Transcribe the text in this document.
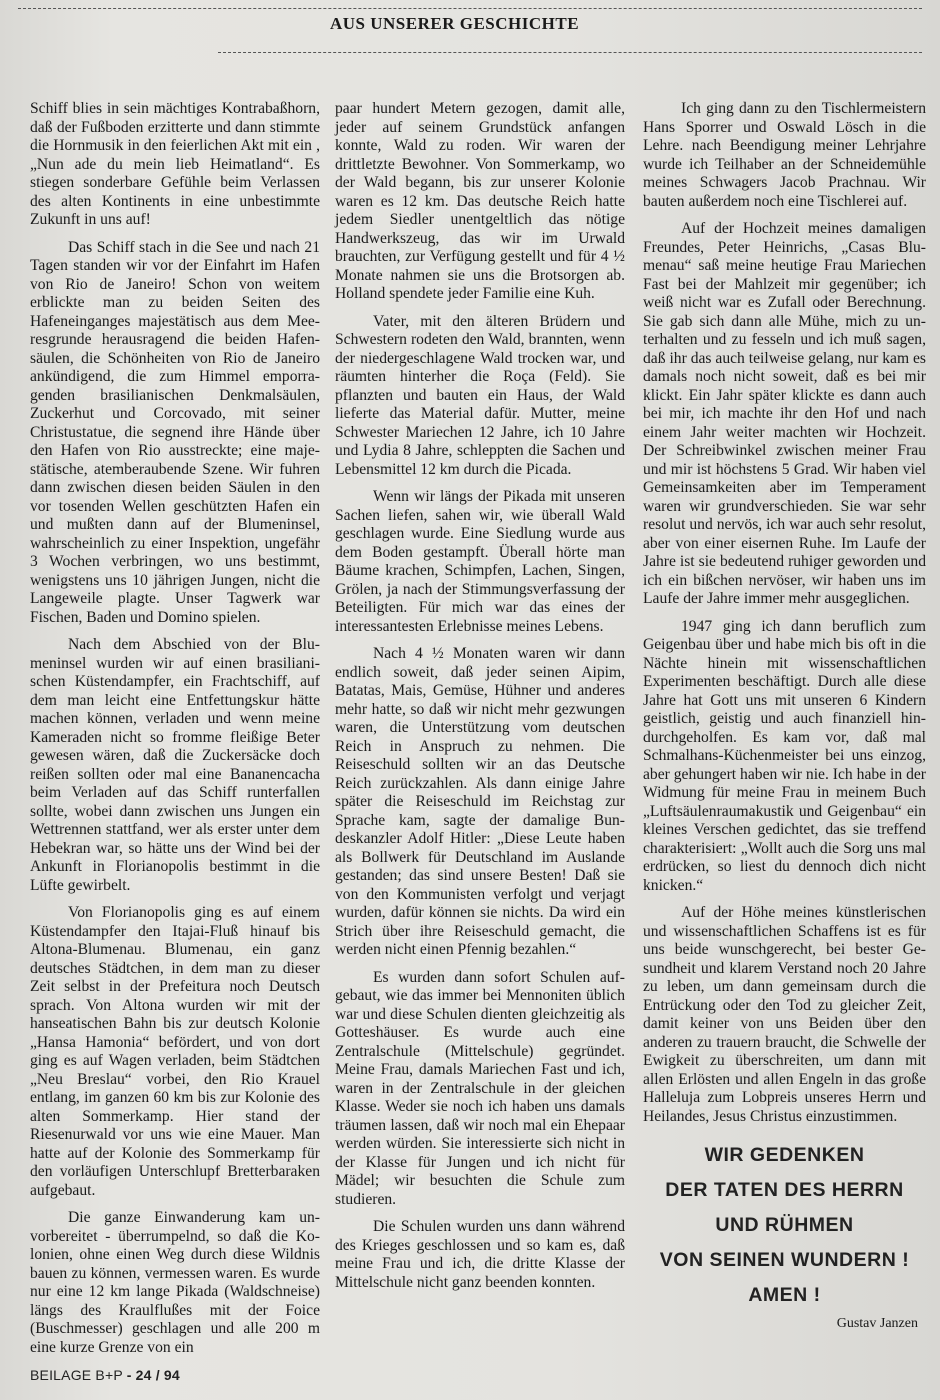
AUS UNSERER GESCHICHTE

Schiff blies in sein mächtiges Kontrabaßhorn, daß der Fußboden erzitterte und dann stimmte die Hornmusik in den feierlichen Akt mit ein , „Nun ade du mein lieb Heimatland“. Es stiegen sonderbare Gefühle beim Verlassen des alten Kontinents in eine unbestimmte Zukunft in uns auf!

Das Schiff stach in die See und nach 21 Tagen standen wir vor der Einfahrt im Hafen von Rio de Janeiro! Schon von weitem erblickte man zu beiden Seiten des Hafeneinganges majestätisch aus dem Meeresgrunde herausragend die beiden Hafensäulen, die Schönheiten von Rio de Janeiro ankündigend, die zum Himmel emporragenden brasilianischen Denkmalsäulen, Zuckerhut und Corcovado, mit seiner Christustatue, die segnend ihre Hände über den Hafen von Rio ausstreckte; eine majestätische, atemberaubende Szene. Wir fuhren dann zwischen diesen beiden Säulen in den vor tosenden Wellen geschützten Hafen ein und mußten dann auf der Blumeninsel, wahrscheinlich zu einer Inspektion, ungefähr 3 Wochen verbringen, wo uns bestimmt, wenigstens uns 10 jährigen Jungen, nicht die Langeweile plagte. Unser Tagwerk war Fischen, Baden und Domino spielen.

Nach dem Abschied von der Blumeninsel wurden wir auf einen brasilianischen Küstendampfer, ein Frachtschiff, auf dem man leicht eine Entfettungskur hätte machen können, verladen und wenn meine Kameraden nicht so fromme fleißige Beter gewesen wären, daß die Zuckersäcke doch reißen sollten oder mal eine Bananencacha beim Verladen auf das Schiff runterfallen sollte, wobei dann zwischen uns Jungen ein Wettrennen stattfand, wer als erster unter dem Hebekran war, so hätte uns der Wind bei der Ankunft in Florianopolis bestimmt in die Lüfte gewirbelt.

Von Florianopolis ging es auf einem Küstendampfer den Itajai-Fluß hinauf bis Altona-Blumenau. Blumenau, ein ganz deutsches Städtchen, in dem man zu dieser Zeit selbst in der Prefeitura noch Deutsch sprach. Von Altona wurden wir mit der hanseatischen Bahn bis zur deutsch Kolonie „Hansa Hamonia“ befördert, und von dort ging es auf Wagen verladen, beim Städtchen „Neu Breslau“ vorbei, den Rio Krauel entlang, im ganzen 60 km bis zur Kolonie des alten Sommerkamp. Hier stand der Riesenurwald vor uns wie eine Mauer. Man hatte auf der Kolonie des Sommerkamp für den vorläufigen Unterschlupf Bretterbaraken aufgebaut.

Die ganze Einwanderung kam unvorbereitet - überrumpelnd, so daß die Kolonien, ohne einen Weg durch diese Wildnis bauen zu können, vermessen waren. Es wurde nur eine 12 km lange Pikada (Waldschneise) längs des Kraulflußes mit der Foice (Buschmesser) geschlagen und alle 200 m eine kurze Grenze von ein

paar hundert Metern gezogen, damit alle, jeder auf seinem Grundstück anfangen konnte, Wald zu roden. Wir waren der drittletzte Bewohner. Von Sommerkamp, wo der Wald begann, bis zur unserer Kolonie waren es 12 km. Das deutsche Reich hatte jedem Siedler unentgeltlich das nötige Handwerkszeug, das wir im Urwald brauchten, zur Verfügung gestellt und für 4 ½ Monate nahmen sie uns die Brotsorgen ab. Holland spendete jeder Familie eine Kuh.

Vater, mit den älteren Brüdern und Schwestern rodeten den Wald, brannten, wenn der niedergeschlagene Wald trocken war, und räumten hinterher die Roça (Feld). Sie pflanzten und bauten ein Haus, der Wald lieferte das Material dafür. Mutter, meine Schwester Mariechen 12 Jahre, ich 10 Jahre und Lydia 8 Jahre, schleppten die Sachen und Lebensmittel 12 km durch die Picada.

Wenn wir längs der Pikada mit unseren Sachen liefen, sahen wir, wie überall Wald geschlagen wurde. Eine Siedlung wurde aus dem Boden gestampft. Überall hörte man Bäume krachen, Schimpfen, Lachen, Singen, Grölen, ja nach der Stimmungsverfassung der Beteiligten. Für mich war das eines der interessantesten Erlebnisse meines Lebens.

Nach 4 ½ Monaten waren wir dann endlich soweit, daß jeder seinen Aipim, Batatas, Mais, Gemüse, Hühner und anderes mehr hatte, so daß wir nicht mehr gezwungen waren, die Unterstützung vom deutschen Reich in Anspruch zu nehmen. Die Reiseschuld sollten wir an das Deutsche Reich zurückzahlen. Als dann einige Jahre später die Reiseschuld im Reichstag zur Sprache kam, sagte der damalige Bundeskanzler Adolf Hitler: „Diese Leute haben als Bollwerk für Deutschland im Auslande gestanden; das sind unsere Besten! Daß sie von den Kommunisten verfolgt und verjagt wurden, dafür können sie nichts. Da wird ein Strich über ihre Reiseschuld gemacht, die werden nicht einen Pfennig bezahlen.“

Es wurden dann sofort Schulen aufgebaut, wie das immer bei Mennoniten üblich war und diese Schulen dienten gleichzeitig als Gotteshäuser. Es wurde auch eine Zentralschule (Mittelschule) gegründet. Meine Frau, damals Mariechen Fast und ich, waren in der Zentralschule in der gleichen Klasse. Weder sie noch ich haben uns damals träumen lassen, daß wir noch mal ein Ehepaar werden würden. Sie interessierte sich nicht in der Klasse für Jungen und ich nicht für Mädel; wir besuchten die Schule zum studieren.

Die Schulen wurden uns dann während des Krieges geschlossen und so kam es, daß meine Frau und ich, die dritte Klasse der Mittelschule nicht ganz beenden konnten.

Ich ging dann zu den Tischlermeistern Hans Sporrer und Oswald Lösch in die Lehre. nach Beendigung meiner Lehrjahre wurde ich Teilhaber an der Schneidemühle meines Schwagers Jacob Prachnau. Wir bauten außerdem noch eine Tischlerei auf.

Auf der Hochzeit meines damaligen Freundes, Peter Heinrichs, „Casas Blumenau“ saß meine heutige Frau Mariechen Fast bei der Mahlzeit mir gegenüber; ich weiß nicht war es Zufall oder Berechnung. Sie gab sich dann alle Mühe, mich zu unterhalten und zu fesseln und ich muß sagen, daß ihr das auch teilweise gelang, nur kam es damals noch nicht soweit, daß es bei mir klickt. Ein Jahr später klickte es dann auch bei mir, ich machte ihr den Hof und nach einem Jahr weiter machten wir Hochzeit. Der Schreibwinkel zwischen meiner Frau und mir ist höchstens 5 Grad. Wir haben viel Gemeinsamkeiten aber im Temperament waren wir grundverschieden. Sie war sehr resolut und nervös, ich war auch sehr resolut, aber von einer eisernen Ruhe. Im Laufe der Jahre ist sie bedeutend ruhiger geworden und ich ein bißchen nervöser, wir haben uns im Laufe der Jahre immer mehr ausgeglichen.

1947 ging ich dann beruflich zum Geigenbau über und habe mich bis oft in die Nächte hinein mit wissenschaftlichen Experimenten beschäftigt. Durch alle diese Jahre hat Gott uns mit unseren 6 Kindern geistlich, geistig und auch finanziell hindurchgeholfen. Es kam vor, daß mal Schmalhans-Küchenmeister bei uns einzog, aber gehungert haben wir nie. Ich habe in der Widmung für meine Frau in meinem Buch „Luftsäulenraumakustik und Geigenbau“ ein kleines Verschen gedichtet, das sie treffend charakterisiert: „Wollt auch die Sorg uns mal erdrücken, so liest du dennoch dich nicht knicken.“

Auf der Höhe meines künstlerischen und wissenschaftlichen Schaffens ist es für uns beide wunschgerecht, bei bester Gesundheit und klarem Verstand noch 20 Jahre zu leben, um dann gemeinsam durch die Entrückung oder den Tod zu gleicher Zeit, damit keiner von uns Beiden über den anderen zu trauern braucht, die Schwelle der Ewigkeit zu überschreiten, um dann mit allen Erlösten und allen Engeln in das große Halleluja zum Lobpreis unseres Herrn und Heilandes, Jesus Christus einzustimmen.

WIR GEDENKEN
DER TATEN DES HERRN
UND RÜHMEN
VON SEINEN WUNDERN !
AMEN !
Gustav Janzen
BEILAGE B+P - 24 / 94
